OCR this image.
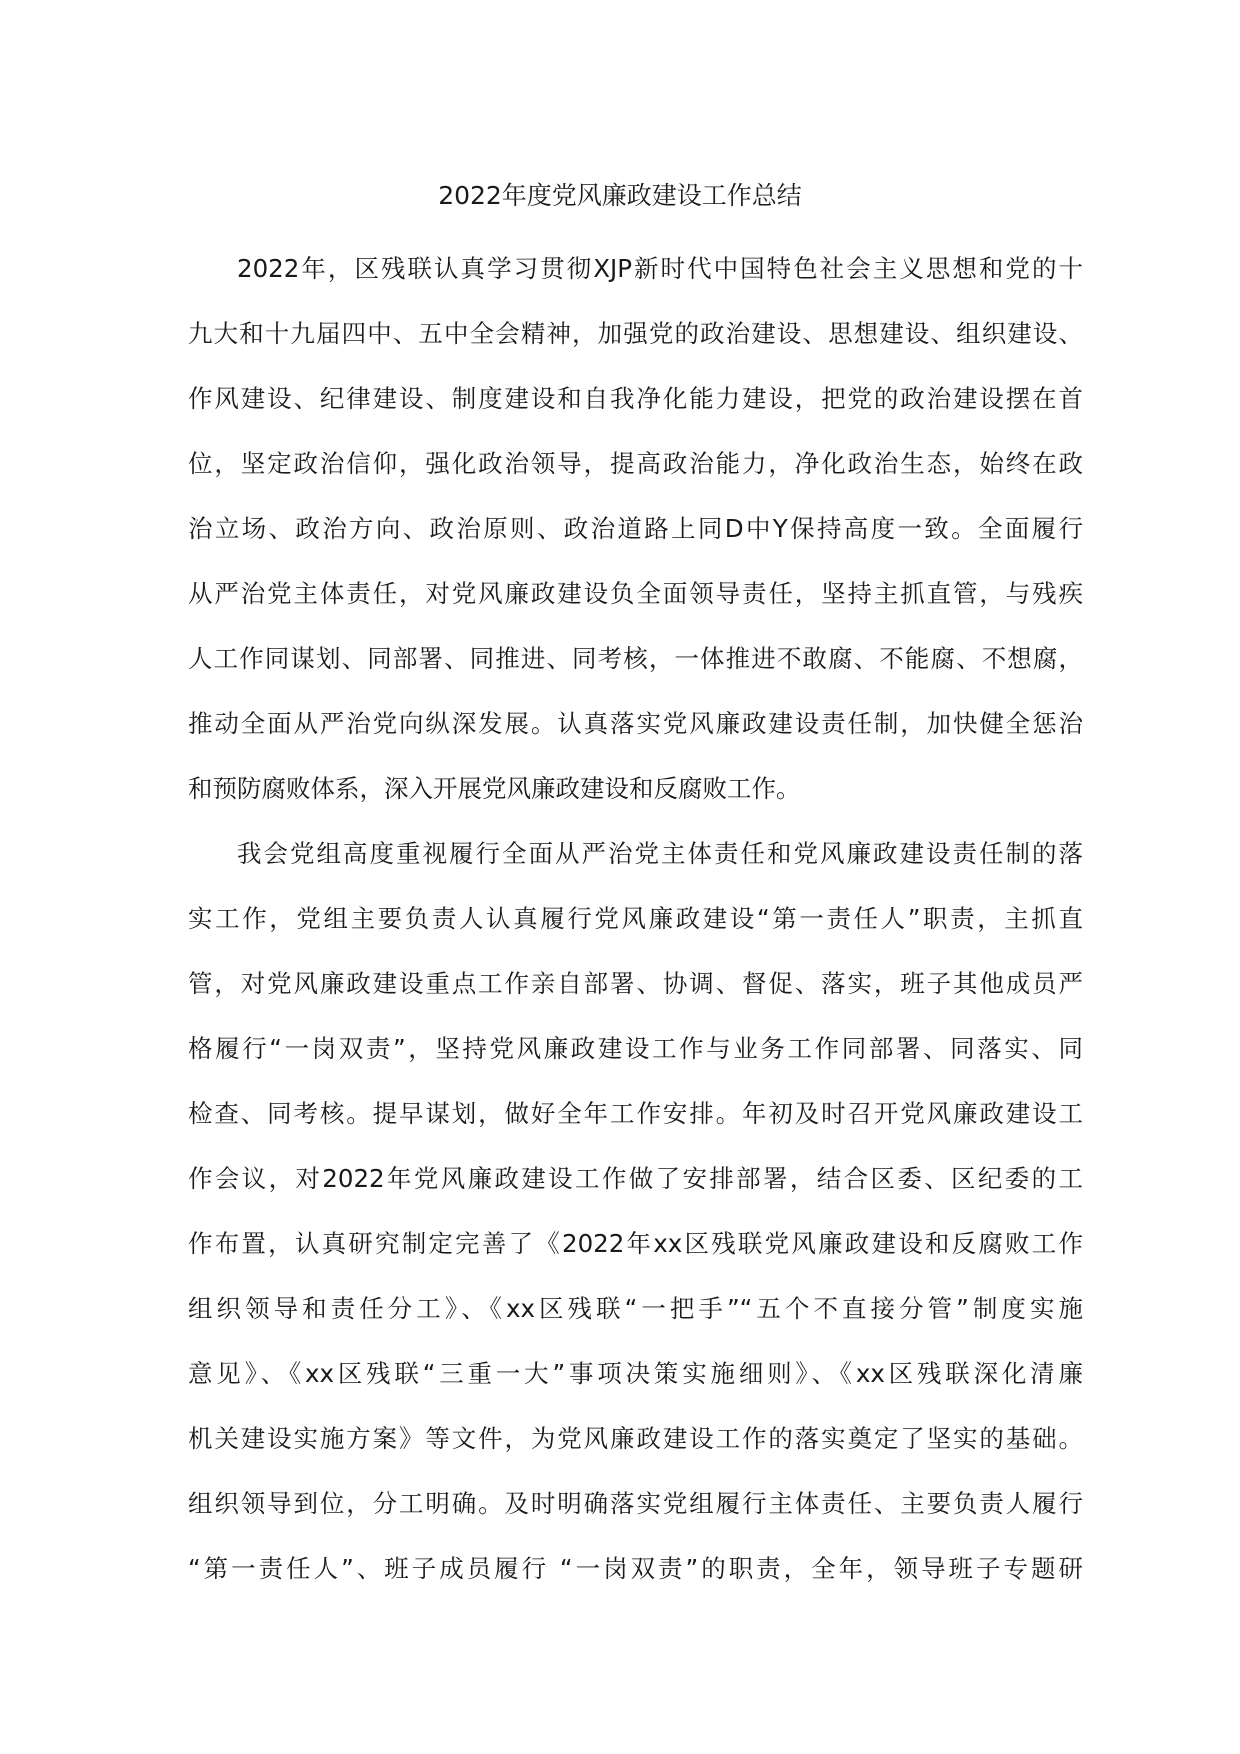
2022年度党风廉政建设工作总结
2022年，区残联认真学习贯彻XJP新时代中国特色社会主义思想和党的十
九大和十九届四中、五中全会精神，加强党的政治建设、思想建设、组织建设、
作风建设、纪律建设、制度建设和自我净化能力建设，把党的政治建设摆在首
位，坚定政治信仰，强化政治领导，提高政治能力，净化政治生态，始终在政
治立场、政治方向、政治原则、政治道路上同D中Y保持高度一致。全面履行
从严治党主体责任，对党风廉政建设负全面领导责任，坚持主抓直管，与残疾
人工作同谋划、同部署、同推进、同考核，一体推进不敢腐、不能腐、不想腐，
推动全面从严治党向纵深发展。认真落实党风廉政建设责任制，加快健全惩治
和预防腐败体系，深入开展党风廉政建设和反腐败工作。
我会党组高度重视履行全面从严治党主体责任和党风廉政建设责任制的落
实工作，党组主要负责人认真履行党风廉政建设“第一责任人”职责，主抓直
管，对党风廉政建设重点工作亲自部署、协调、督促、落实，班子其他成员严
格履行“一岗双责”，坚持党风廉政建设工作与业务工作同部署、同落实、同
检查、同考核。提早谋划，做好全年工作安排。年初及时召开党风廉政建设工
作会议，对2022年党风廉政建设工作做了安排部署，结合区委、区纪委的工
作布置，认真研究制定完善了《2022年xx区残联党风廉政建设和反腐败工作
组织领导和责任分工》、《xx区残联“一把手”“五个不直接分管”制度实施
意见》、《xx区残联“三重一大”事项决策实施细则》、《xx区残联深化清廉
机关建设实施方案》等文件，为党风廉政建设工作的落实奠定了坚实的基础。
组织领导到位，分工明确。及时明确落实党组履行主体责任、主要负责人履行
“第一责任人”、班子成员履行 “一岗双责”的职责，全年，领导班子专题研
